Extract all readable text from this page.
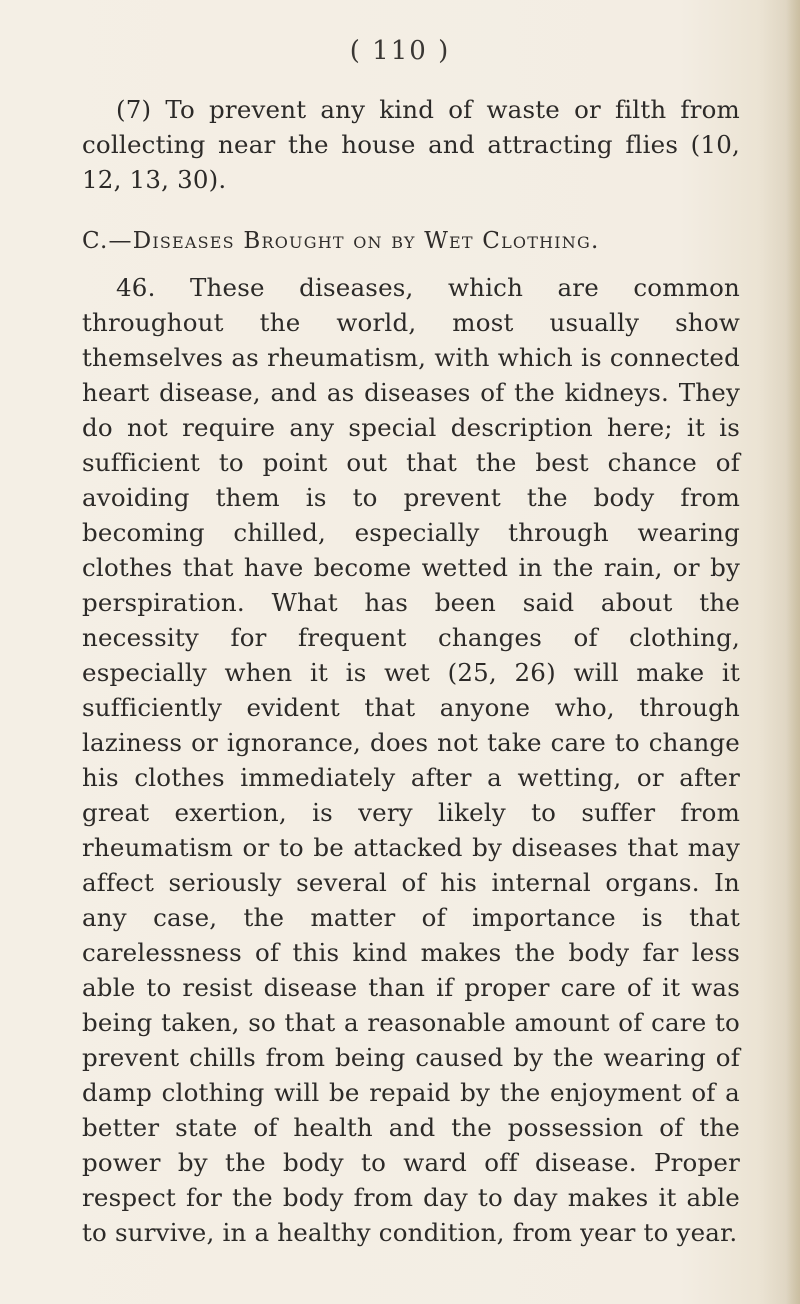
( 110 )

(7) To prevent any kind of waste or filth from collecting near the house and attracting flies (10, 12, 13, 30).

C.—Diseases Brought on by Wet Clothing.

46. These diseases, which are common throughout the world, most usually show themselves as rheumatism, with which is connected heart disease, and as diseases of the kidneys. They do not require any special description here; it is sufficient to point out that the best chance of avoiding them is to prevent the body from becoming chilled, especially through wearing clothes that have become wetted in the rain, or by perspiration. What has been said about the necessity for frequent changes of clothing, especially when it is wet (25, 26) will make it sufficiently evident that anyone who, through laziness or ignorance, does not take care to change his clothes immediately after a wetting, or after great exertion, is very likely to suffer from rheumatism or to be attacked by diseases that may affect seriously several of his internal organs. In any case, the matter of importance is that carelessness of this kind makes the body far less able to resist disease than if proper care of it was being taken, so that a reasonable amount of care to prevent chills from being caused by the wearing of damp clothing will be repaid by the enjoyment of a better state of health and the possession of the power by the body to ward off disease. Proper respect for the body from day to day makes it able to survive, in a healthy condition, from year to year.
